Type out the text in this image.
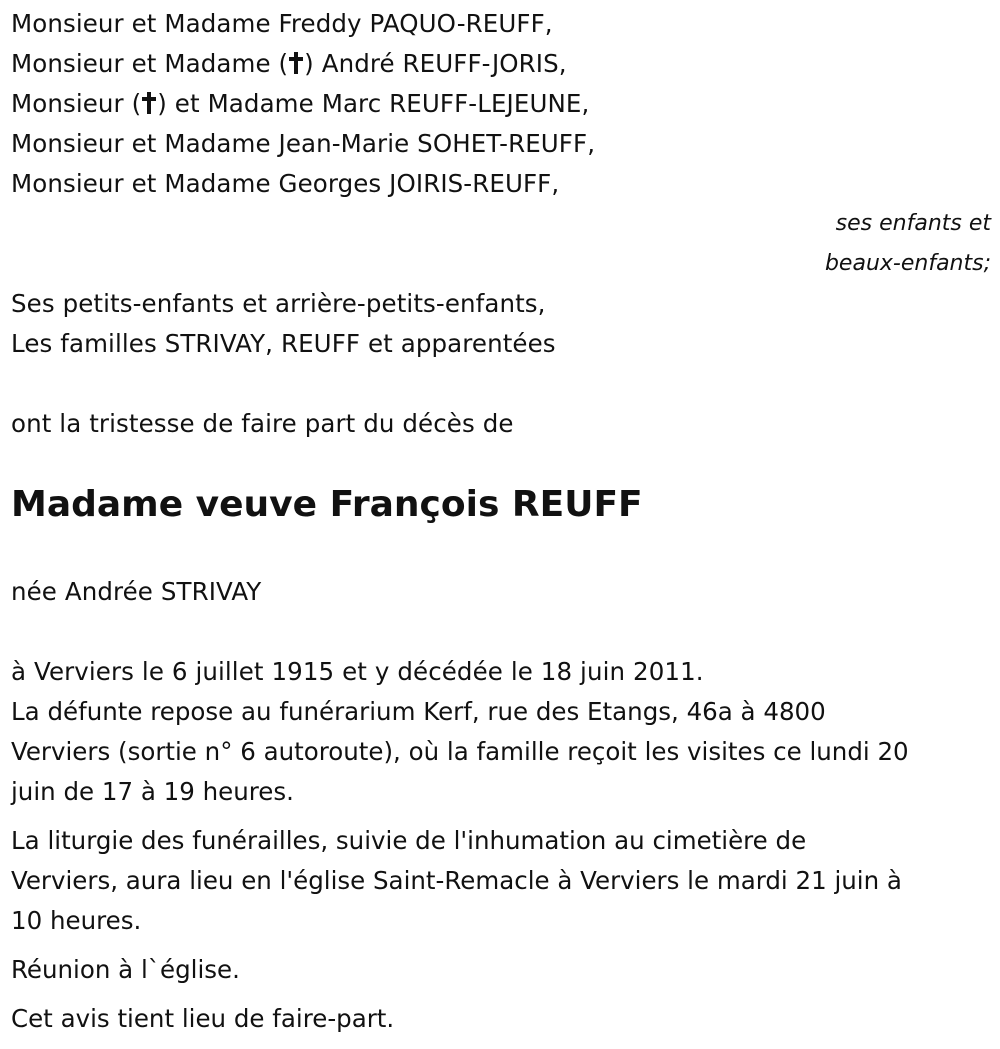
Monsieur et Madame Freddy PAQUO-REUFF,
Monsieur et Madame ( ) André REUFF-JORIS,
Monsieur ( ) et Madame Marc REUFF-LEJEUNE,
Monsieur et Madame Jean-Marie SOHET-REUFF,
Monsieur et Madame Georges JOIRIS-REUFF,
ses enfants et
beaux-enfants;
Ses petits-enfants et arrière-petits-enfants,
Les familles STRIVAY, REUFF et apparentées
ont la tristesse de faire part du décès de
Madame veuve François REUFF
née Andrée STRIVAY
à Verviers le 6 juillet 1915 et y décédée le 18 juin 2011.
La défunte repose au funérarium Kerf, rue des Etangs, 46a à 4800
Verviers (sortie n° 6 autoroute), où la famille reçoit les visites ce lundi 20
juin de 17 à 19 heures.
La liturgie des funérailles, suivie de l'inhumation au cimetière de
Verviers, aura lieu en l'église Saint-Remacle à Verviers le mardi 21 juin à
10 heures.
Réunion à l`église.
Cet avis tient lieu de faire-part.
